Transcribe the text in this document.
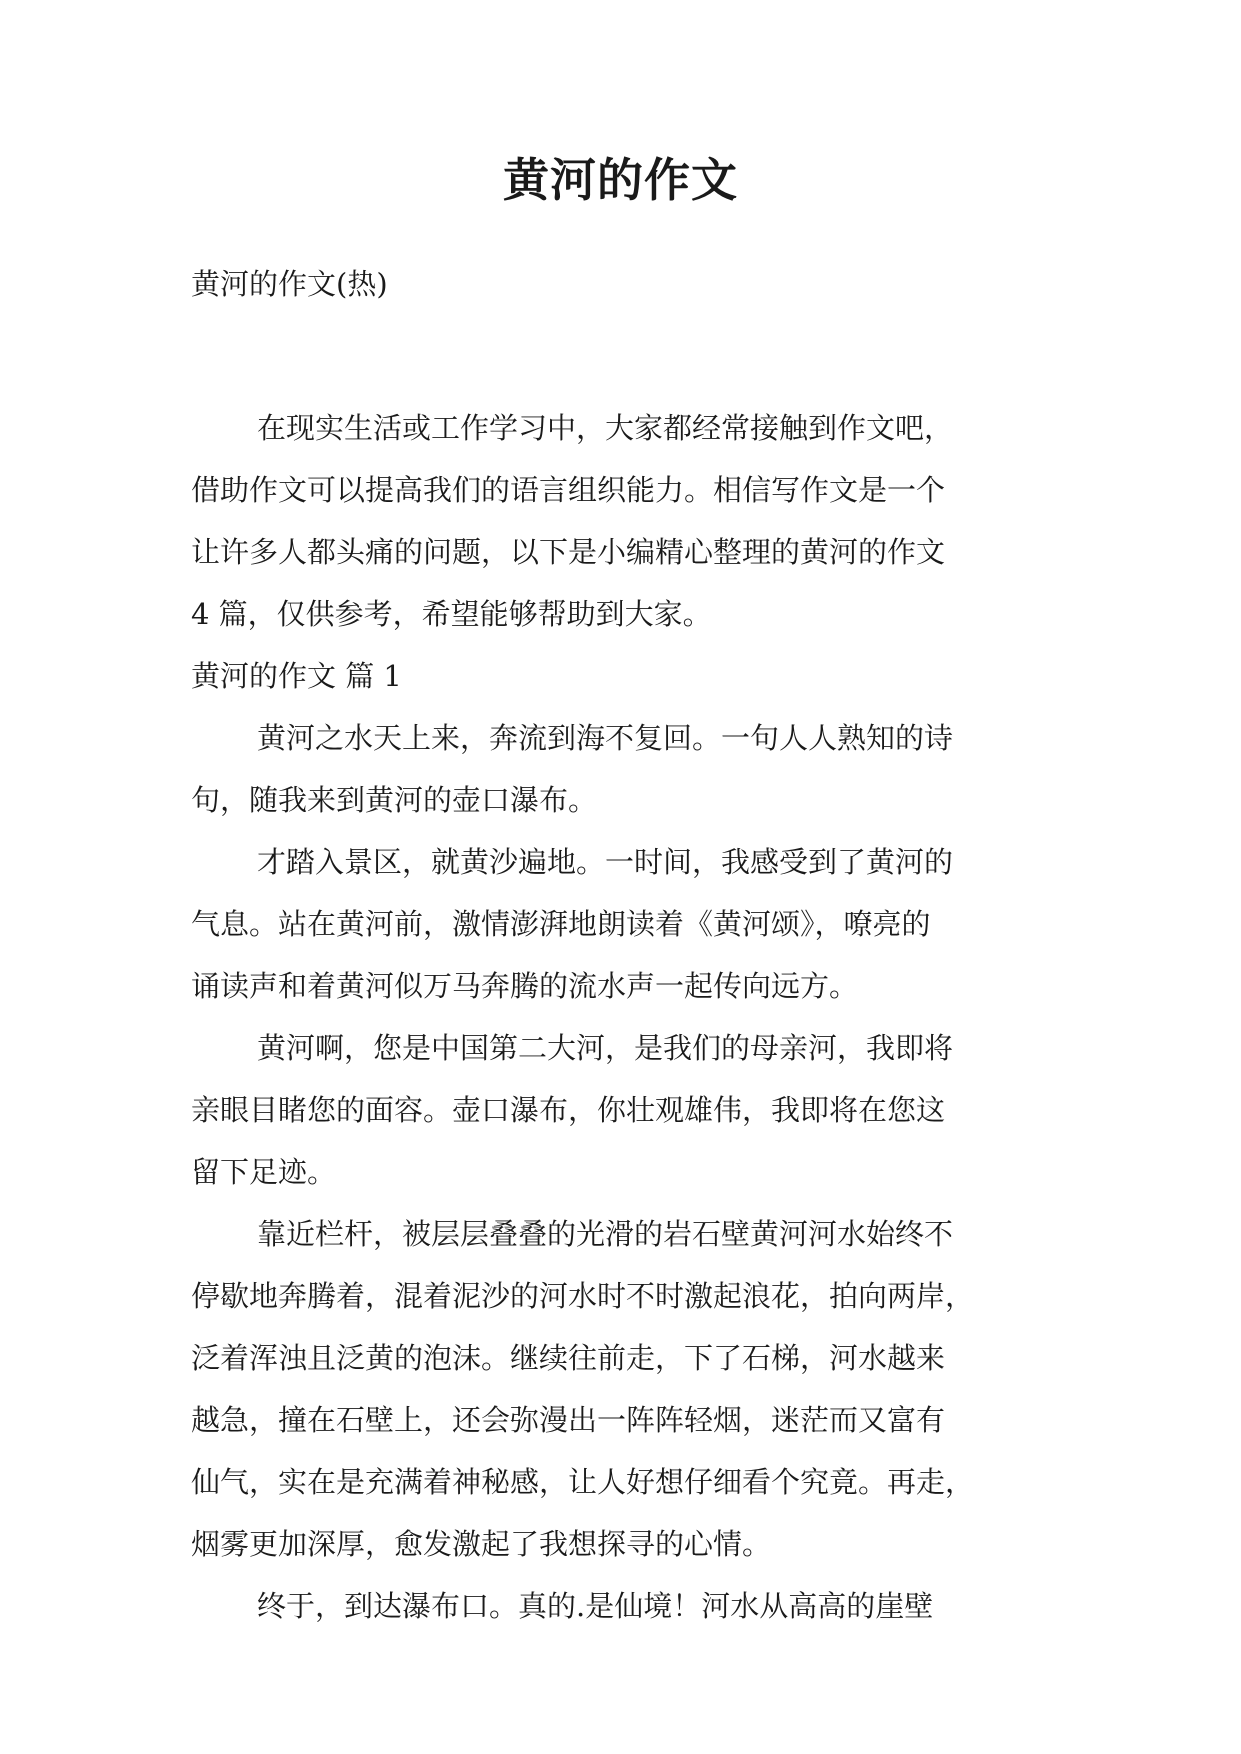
黄河的作文
黄河的作文(热)
在现实生活或工作学习中，大家都经常接触到作文吧，
借助作文可以提高我们的语言组织能力。相信写作文是一个
让许多人都头痛的问题，以下是小编精心整理的黄河的作文
4 篇，仅供参考，希望能够帮助到大家。
黄河的作文 篇 1
黄河之水天上来，奔流到海不复回。一句人人熟知的诗
句，随我来到黄河的壶口瀑布。
才踏入景区，就黄沙遍地。一时间，我感受到了黄河的
气息。站在黄河前，激情澎湃地朗读着《黄河颂》，嘹亮的
诵读声和着黄河似万马奔腾的流水声一起传向远方。
黄河啊，您是中国第二大河，是我们的母亲河，我即将
亲眼目睹您的面容。壶口瀑布，你壮观雄伟，我即将在您这
留下足迹。
靠近栏杆，被层层叠叠的光滑的岩石壁黄河河水始终不
停歇地奔腾着，混着泥沙的河水时不时激起浪花，拍向两岸，
泛着浑浊且泛黄的泡沫。继续往前走，下了石梯，河水越来
越急，撞在石壁上，还会弥漫出一阵阵轻烟，迷茫而又富有
仙气，实在是充满着神秘感，让人好想仔细看个究竟。再走，
烟雾更加深厚，愈发激起了我想探寻的心情。
终于，到达瀑布口。真的.是仙境！河水从高高的崖壁
